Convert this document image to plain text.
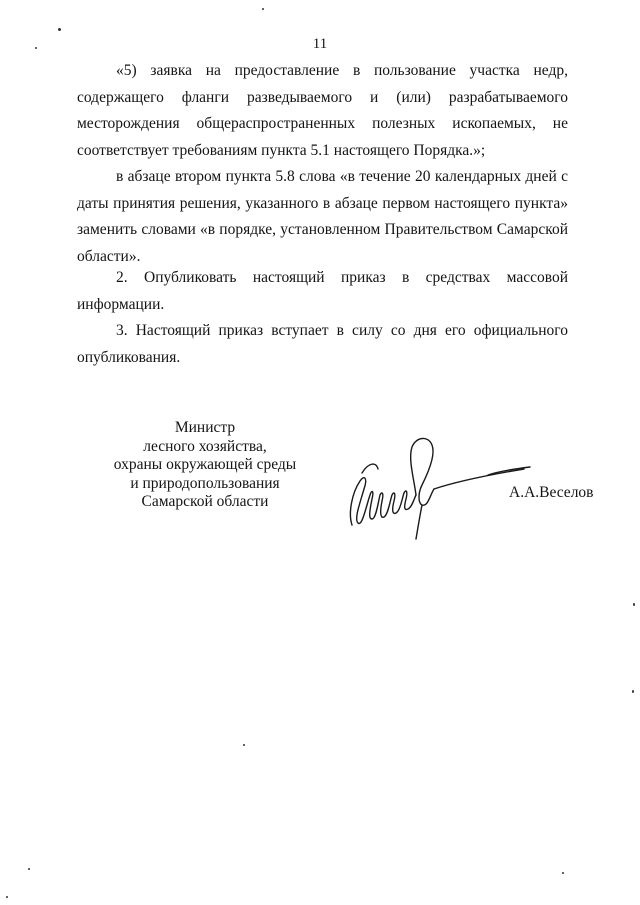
11
«5) заявка на предоставление в пользование участка недр,
содержащего фланги разведываемого и (или) разрабатываемого
месторождения общераспространенных полезных ископаемых, не
соответствует требованиям пункта 5.1 настоящего Порядка.»;
в абзаце втором пункта 5.8 слова «в течение 20 календарных дней с
даты принятия решения, указанного в абзаце первом настоящего пункта»
заменить словами «в порядке, установленном Правительством Самарской
области».
2. Опубликовать настоящий приказ в средствах массовой
информации.
3. Настоящий приказ вступает в силу со дня его официального
опубликования.
Министр
лесного хозяйства,
охраны окружающей среды
и природопользования
Самарской области
А.А.Веселов
